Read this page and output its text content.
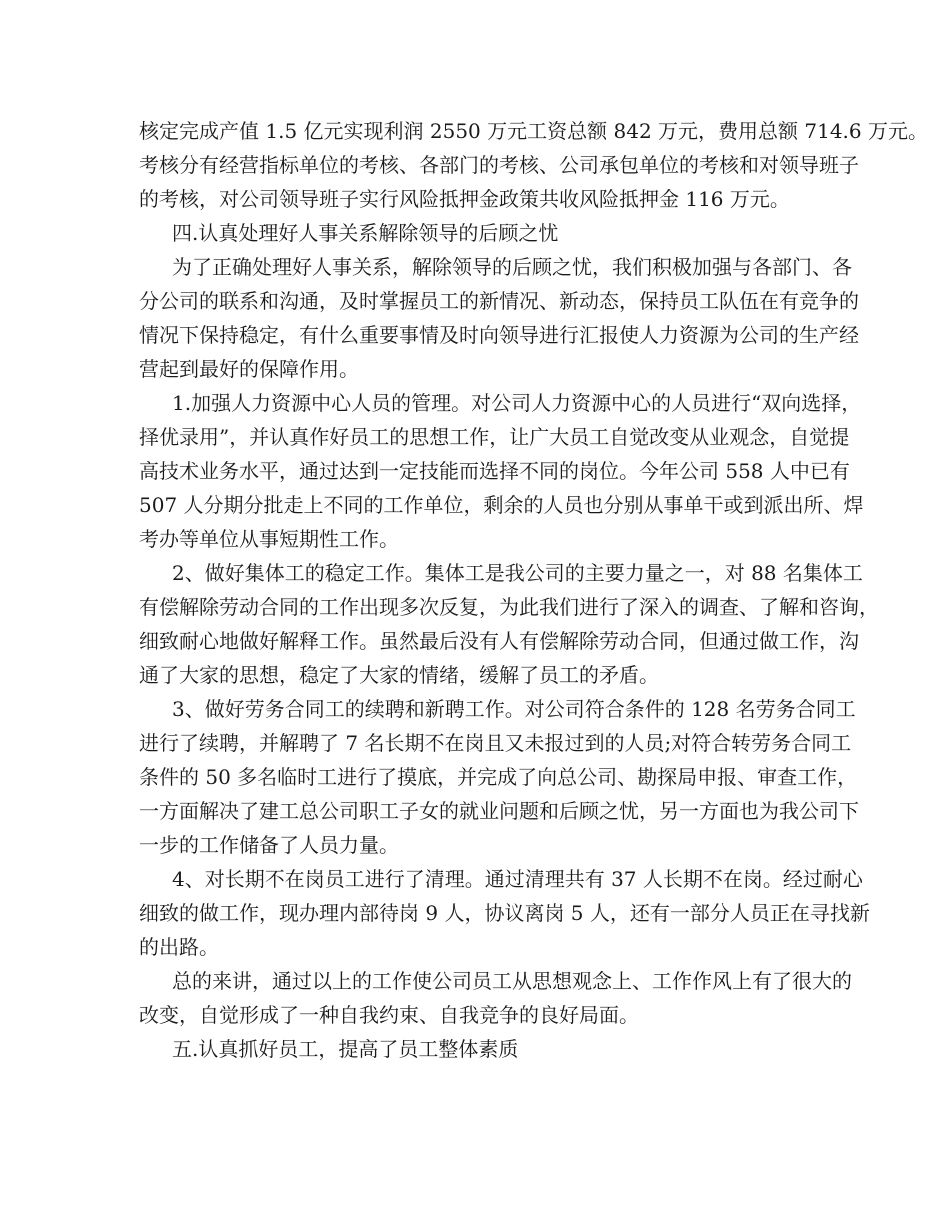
核定完成产值 1.5 亿元实现利润 2550 万元工资总额 842 万元，费用总额 714.6 万元。
考核分有经营指标单位的考核、各部门的考核、公司承包单位的考核和对领导班子
的考核，对公司领导班子实行风险抵押金政策共收风险抵押金 116 万元。
四.认真处理好人事关系解除领导的后顾之忧
为了正确处理好人事关系，解除领导的后顾之忧，我们积极加强与各部门、各
分公司的联系和沟通，及时掌握员工的新情况、新动态，保持员工队伍在有竞争的
情况下保持稳定，有什么重要事情及时向领导进行汇报使人力资源为公司的生产经
营起到最好的保障作用。
1.加强人力资源中心人员的管理。对公司人力资源中心的人员进行“双向选择，
择优录用”，并认真作好员工的思想工作，让广大员工自觉改变从业观念，自觉提
高技术业务水平，通过达到一定技能而选择不同的岗位。今年公司 558 人中已有
507 人分期分批走上不同的工作单位，剩余的人员也分别从事单干或到派出所、焊
考办等单位从事短期性工作。
2、做好集体工的稳定工作。集体工是我公司的主要力量之一，对 88 名集体工
有偿解除劳动合同的工作出现多次反复，为此我们进行了深入的调查、了解和咨询，
细致耐心地做好解释工作。虽然最后没有人有偿解除劳动合同，但通过做工作，沟
通了大家的思想，稳定了大家的情绪，缓解了员工的矛盾。
3、做好劳务合同工的续聘和新聘工作。对公司符合条件的 128 名劳务合同工
进行了续聘，并解聘了 7 名长期不在岗且又未报过到的人员;对符合转劳务合同工
条件的 50 多名临时工进行了摸底，并完成了向总公司、勘探局申报、审查工作，
一方面解决了建工总公司职工子女的就业问题和后顾之忧，另一方面也为我公司下
一步的工作储备了人员力量。
4、对长期不在岗员工进行了清理。通过清理共有 37 人长期不在岗。经过耐心
细致的做工作，现办理内部待岗 9 人，协议离岗 5 人，还有一部分人员正在寻找新
的出路。
总的来讲，通过以上的工作使公司员工从思想观念上、工作作风上有了很大的
改变，自觉形成了一种自我约束、自我竞争的良好局面。
五.认真抓好员工，提高了员工整体素质
